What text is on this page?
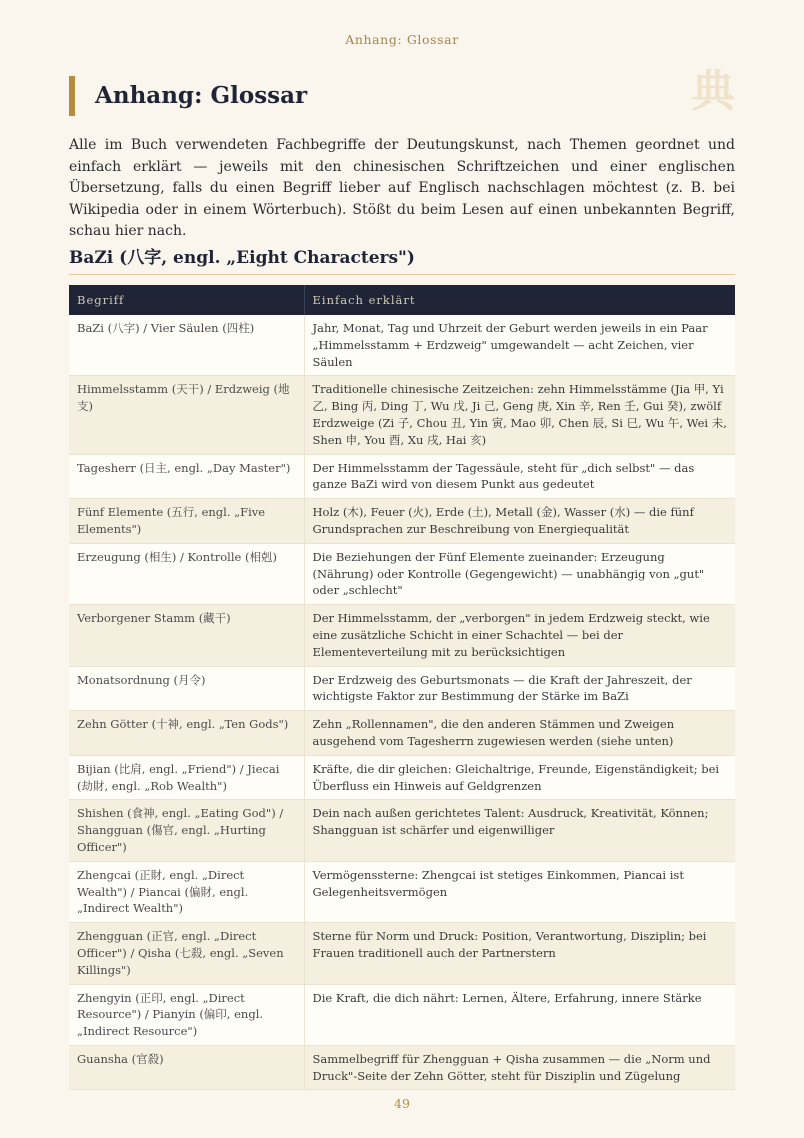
Anhang: Glossar
Anhang: Glossar	典

Alle im Buch verwendeten Fachbegriffe der Deutungskunst, nach Themen geordnet und einfach erklärt — jeweils mit den chinesischen Schriftzeichen und einer englischen Übersetzung, falls du einen Begriff lieber auf Englisch nachschlagen möchtest (z. B. bei Wikipedia oder in einem Wörterbuch). Stößt du beim Lesen auf einen unbekannten Begriff, schau hier nach.

BaZi (八字, engl. „Eight Characters")
Begriff	Einfach erklärt
BaZi (八字) / Vier Säulen (四柱)	Jahr, Monat, Tag und Uhrzeit der Geburt werden jeweils in ein Paar „Himmelsstamm + Erdzweig" umgewandelt — acht Zeichen, vier Säulen
Himmelsstamm (天干) / Erdzweig (地支)	Traditionelle chinesische Zeitzeichen: zehn Himmelsstämme (Jia 甲, Yi 乙, Bing 丙, Ding 丁, Wu 戊, Ji 己, Geng 庚, Xin 辛, Ren 壬, Gui 癸), zwölf Erdzweige (Zi 子, Chou 丑, Yin 寅, Mao 卯, Chen 辰, Si 巳, Wu 午, Wei 未, Shen 申, You 酉, Xu 戌, Hai 亥)
Tagesherr (日主, engl. „Day Master")	Der Himmelsstamm der Tagessäule, steht für „dich selbst" — das ganze BaZi wird von diesem Punkt aus gedeutet
Fünf Elemente (五行, engl. „Five Elements")	Holz (木), Feuer (火), Erde (土), Metall (金), Wasser (水) — die fünf Grundsprachen zur Beschreibung von Energiequalität
Erzeugung (相生) / Kontrolle (相剋)	Die Beziehungen der Fünf Elemente zueinander: Erzeugung (Nährung) oder Kontrolle (Gegengewicht) — unabhängig von „gut" oder „schlecht"
Verborgener Stamm (藏干)	Der Himmelsstamm, der „verborgen" in jedem Erdzweig steckt, wie eine zusätzliche Schicht in einer Schachtel — bei der Elementeverteilung mit zu berücksichtigen
Monatsordnung (月令)	Der Erdzweig des Geburtsmonats — die Kraft der Jahreszeit, der wichtigste Faktor zur Bestimmung der Stärke im BaZi
Zehn Götter (十神, engl. „Ten Gods")	Zehn „Rollennamen", die den anderen Stämmen und Zweigen ausgehend vom Tagesherrn zugewiesen werden (siehe unten)
Bijian (比肩, engl. „Friend") / Jiecai (劫財, engl. „Rob Wealth")	Kräfte, die dir gleichen: Gleichaltrige, Freunde, Eigenständigkeit; bei Überfluss ein Hinweis auf Geldgrenzen
Shishen (食神, engl. „Eating God") / Shangguan (傷官, engl. „Hurting Officer")	Dein nach außen gerichtetes Talent: Ausdruck, Kreativität, Können; Shangguan ist schärfer und eigenwilliger
Zhengcai (正財, engl. „Direct Wealth") / Piancai (偏財, engl. „Indirect Wealth")	Vermögenssterne: Zhengcai ist stetiges Einkommen, Piancai ist Gelegenheitsvermögen
Zhengguan (正官, engl. „Direct Officer") / Qisha (七殺, engl. „Seven Killings")	Sterne für Norm und Druck: Position, Verantwortung, Disziplin; bei Frauen traditionell auch der Partnerstern
Zhengyin (正印, engl. „Direct Resource") / Pianyin (偏印, engl. „Indirect Resource")	Die Kraft, die dich nährt: Lernen, Ältere, Erfahrung, innere Stärke
Guansha (官殺)	Sammelbegriff für Zhengguan + Qisha zusammen — die „Norm und Druck"-Seite der Zehn Götter, steht für Disziplin und Zügelung
49
